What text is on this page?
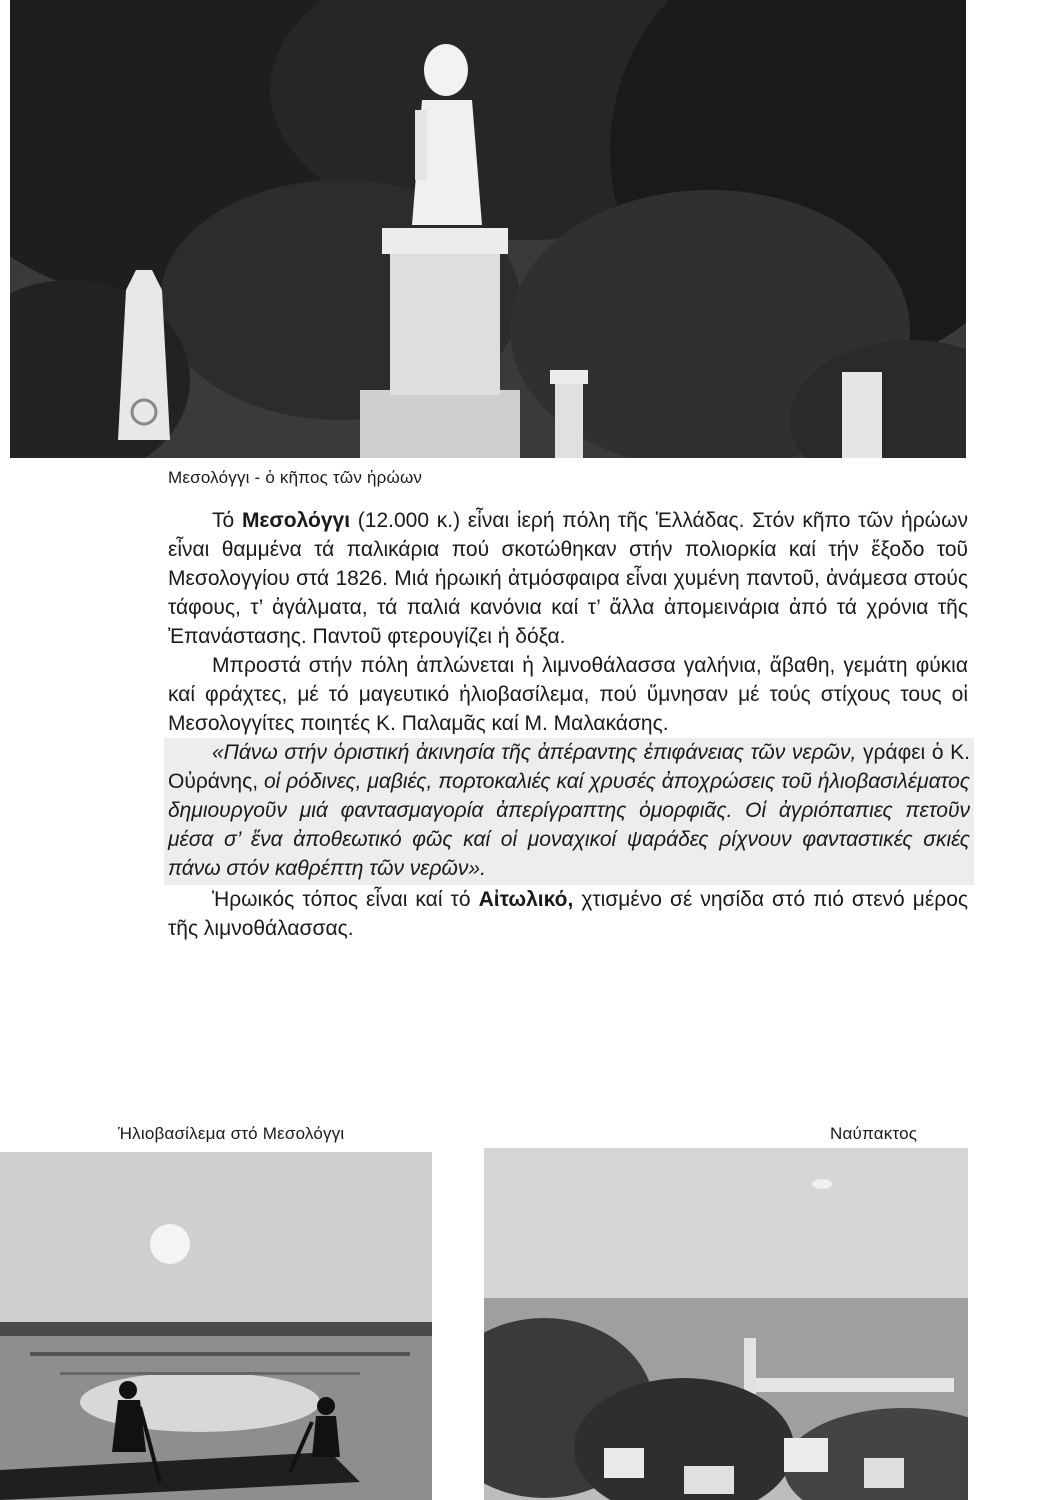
Μεσολόγγι - ὁ κῆπος τῶν ἡρώων

Τό Μεσολόγγι (12.000 κ.) εἶναι ἱερή πόλη τῆς Ἑλλάδας. Στόν κῆπο τῶν ἡρώων εἶναι θαμμένα τά παλικάρια πού σκοτώθηκαν στήν πολιορκία καί τήν ἔξοδο τοῦ Μεσολογγίου στά 1826. Μιά ἡρωική ἀτμόσφαιρα εἶναι χυμένη παντοῦ, ἀνάμεσα στούς τάφους, τ’ ἀγάλματα, τά παλιά κανόνια καί τ’ ἄλλα ἀπομεινάρια ἀπό τά χρόνια τῆς Ἐπανάστασης. Παντοῦ φτερουγίζει ἡ δόξα.

Μπροστά στήν πόλη ἁπλώνεται ἡ λιμνοθάλασσα γαλήνια, ἄβαθη, γεμάτη φύκια καί φράχτες, μέ τό μαγευτικό ἡλιοβασίλεμα, πού ὕμνησαν μέ τούς στίχους τους οἱ Μεσολογγίτες ποιητές Κ. Παλαμᾶς καί Μ. Μαλακάσης.

«Πάνω στήν ὁριστική ἀκινησία τῆς ἀπέραντης ἐπιφάνειας τῶν νερῶν, γράφει ὁ Κ. Οὐράνης, οἱ ρόδινες, μαβιές, πορτοκαλιές καί χρυσές ἀποχρώσεις τοῦ ἡλιοβασιλέματος δημιουργοῦν μιά φαντασμαγορία ἀπερίγραπτης ὀμορφιᾶς. Οἱ ἀγριόπαπιες πετοῦν μέσα σ’ ἕνα ἀποθεωτικό φῶς καί οἱ μοναχικοί ψαράδες ρίχνουν φανταστικές σκιές πάνω στόν καθρέπτη τῶν νερῶν».

Ἡρωικός τόπος εἶναι καί τό Αἰτωλικό, χτισμένο σέ νησίδα στό πιό στενό μέρος τῆς λιμνοθάλασσας.

Ἡλιοβασίλεμα στό Μεσολόγγι	Ναύπακτος
